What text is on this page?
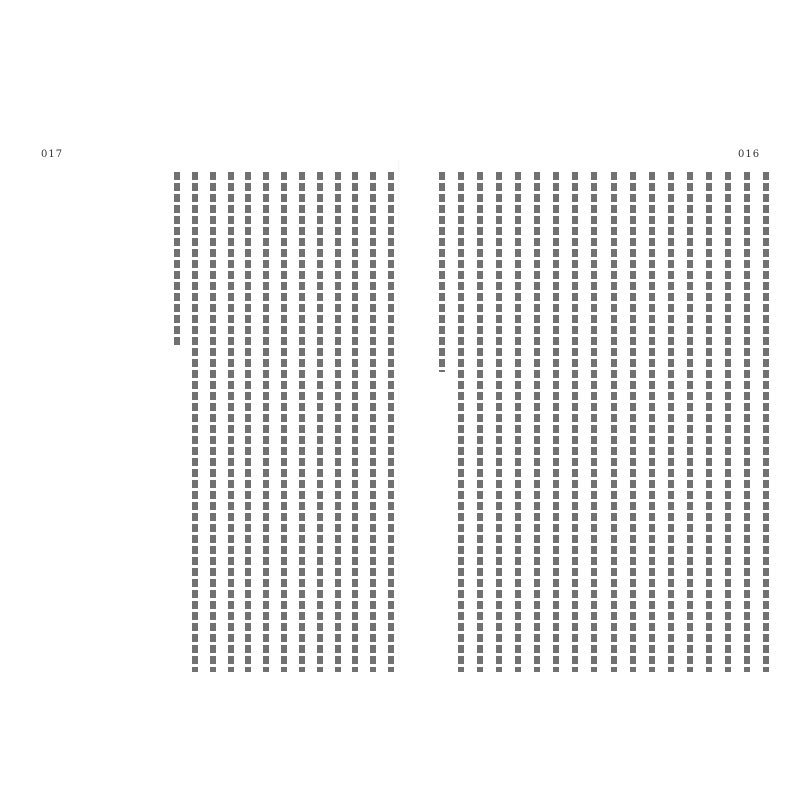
017	016
